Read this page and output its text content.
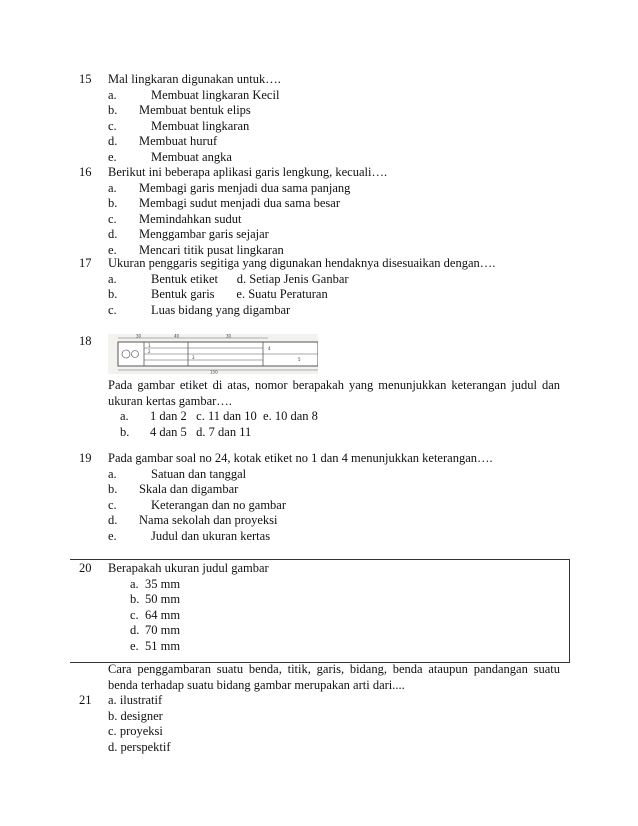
15 Mal lingkaran digunakan untuk….
a.	Membuat lingkaran Kecil
b. Membuat bentuk elips
c.	Membuat lingkaran
d. Membuat huruf
e.	Membuat angka
16 Berikut ini beberapa aplikasi garis lengkung, kecuali….
a. Membagi garis menjadi dua sama panjang
b. Membagi sudut menjadi dua sama besar
c. Memindahkan sudut
d. Menggambar garis sejajar
e. Mencari titik pusat lingkaran
17 Ukuran penggaris segitiga yang digunakan hendaknya disesuaikan dengan….
a.	Bentuk etiket      d. Setiap Jenis Ganbar
b.	Bentuk garis       e. Suatu Peraturan
c.	Luas bidang yang digambar
18	30	40	30
1
2
3
4
5
150
Pada gambar etiket di atas, nomor berapakah yang menunjukkan keterangan judul dan ukuran kertas gambar….
a. 1 dan 2   c. 11 dan 10  e. 10 dan 8
b. 4 dan 5   d. 7 dan 11
19 Pada gambar soal no 24, kotak etiket no 1 dan 4 menunjukkan keterangan….
a.	Satuan dan tanggal
b. Skala dan digambar
c.	Keterangan dan no gambar
d. Nama sekolah dan proyeksi
e.	Judul dan ukuran kertas
20 Berapakah ukuran judul gambar
a. 35 mm
b. 50 mm
c. 64 mm
d. 70 mm
e. 51 mm
21
Cara penggambaran suatu benda, titik, garis, bidang, benda ataupun pandangan suatu benda terhadap suatu bidang gambar merupakan arti dari....
a. ilustratif
b. designer
c. proyeksi
d. perspektif
